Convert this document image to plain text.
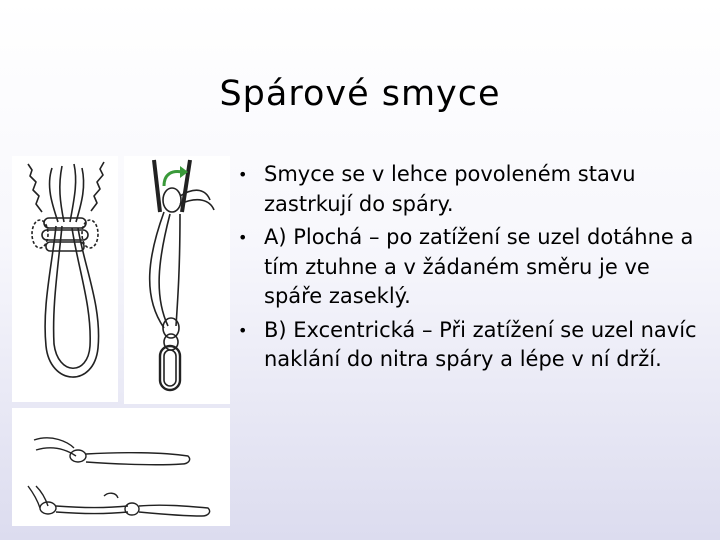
Spárové smyce
• Smyce se v lehce povoleném stavu zastrkují do spáry.
• A) Plochá – po zatížení se uzel dotáhne a tím ztuhne a v žádaném směru je ve spáře zaseklý.
• B) Excentrická – Při zatížení se uzel navíc naklání do nitra spáry a lépe v ní drží.
